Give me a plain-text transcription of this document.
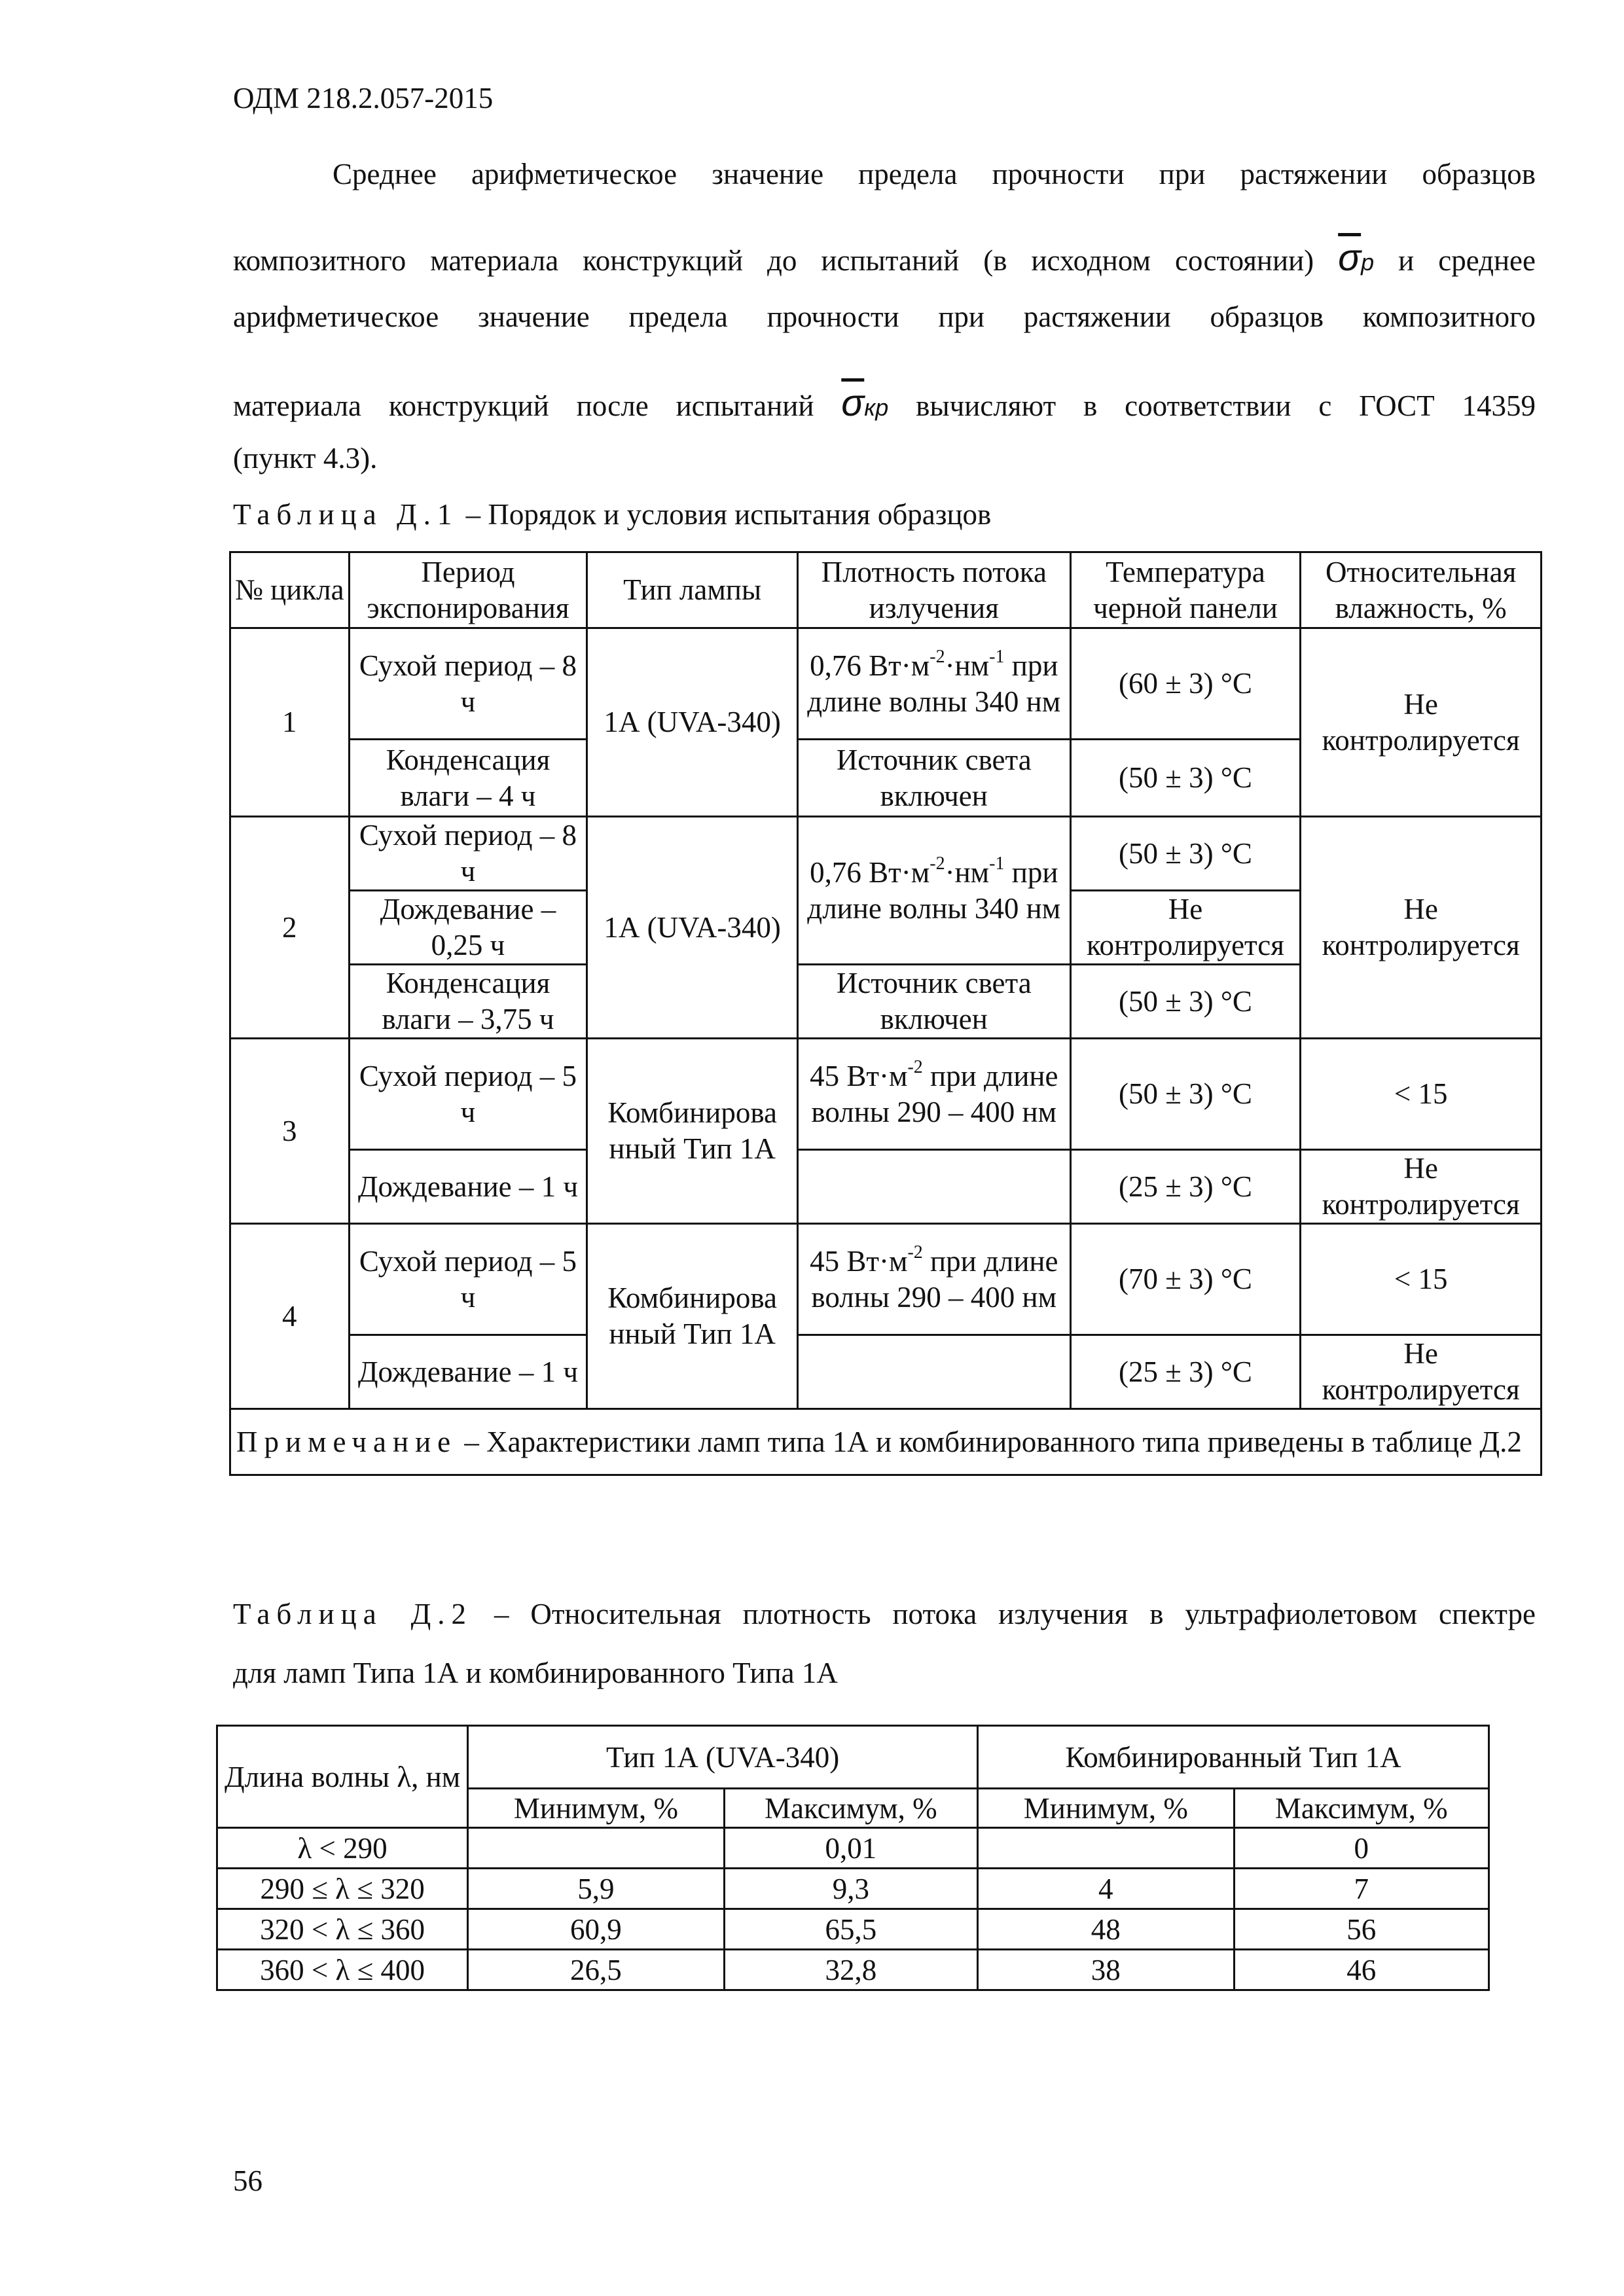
ОДМ 218.2.057-2015
Среднее арифметическое значение предела прочности при растяжении образцов
композитного материала конструкций до испытаний (в исходном состоянии) $\overline{\sigma}р$ и среднее
арифметическое значение предела прочности при растяжении образцов композитного
материала конструкций после испытаний $\overline{\sigma}кр$ вычисляют в соответствии с ГОСТ 14359
(пункт 4.3).
Таблица Д.1 – Порядок и условия испытания образцов
№ цикла	Период экспонирования	Тип лампы	Плотность потока излучения	Температура черной панели	Относительная влажность, %
1	Сухой период – 8 ч	1А (UVA-340)	0,76 $Вт\cdot м^{-2}\cdot нм^{-1}$ при длине волны 340 нм	(60 ± 3) °С	Не контролируется
	Конденсация влаги – 4 ч		Источник света включен	(50 ± 3) °С	
2	Сухой период – 8 ч	1А (UVA-340)	0,76 $Вт\cdot м^{-2}\cdot нм^{-1}$ при длине волны 340 нм	(50 ± 3) °С	Не контролируется
	Дождевание – 0,25 ч			Не контролируется	
	Конденсация влаги – 3,75 ч		Источник света включен	(50 ± 3) °С	
3	Сухой период – 5 ч	Комбинирова нный Тип 1А	45 $Вт\cdot м^{-2}$ при длине волны 290 – 400 нм	(50 ± 3) °С	< 15
	Дождевание – 1 ч			(25 ± 3) °С	Не контролируется
4	Сухой период – 5 ч	Комбинирова нный Тип 1А	45 $Вт\cdot м^{-2}$ при длине волны 290 – 400 нм	(70 ± 3) °С	< 15
	Дождевание – 1 ч			(25 ± 3) °С	Не контролируется
Примечание – Характеристики ламп типа 1А и комбинированного типа приведены в таблице Д.2					
Таблица Д.2 – Относительная плотность потока излучения в ультрафиолетовом спектре
для ламп Типа 1А и комбинированного Типа 1А
Длина волны λ, нм	Тип 1А (UVA-340)		Комбинированный Тип 1А	
	Минимум, %	Максимум, %	Минимум, %	Максимум, %
λ < 290		0,01		0
290 ≤ λ ≤ 320	5,9	9,3	4	7
320 < λ ≤ 360	60,9	65,5	48	56
360 < λ ≤ 400	26,5	32,8	38	46
56
